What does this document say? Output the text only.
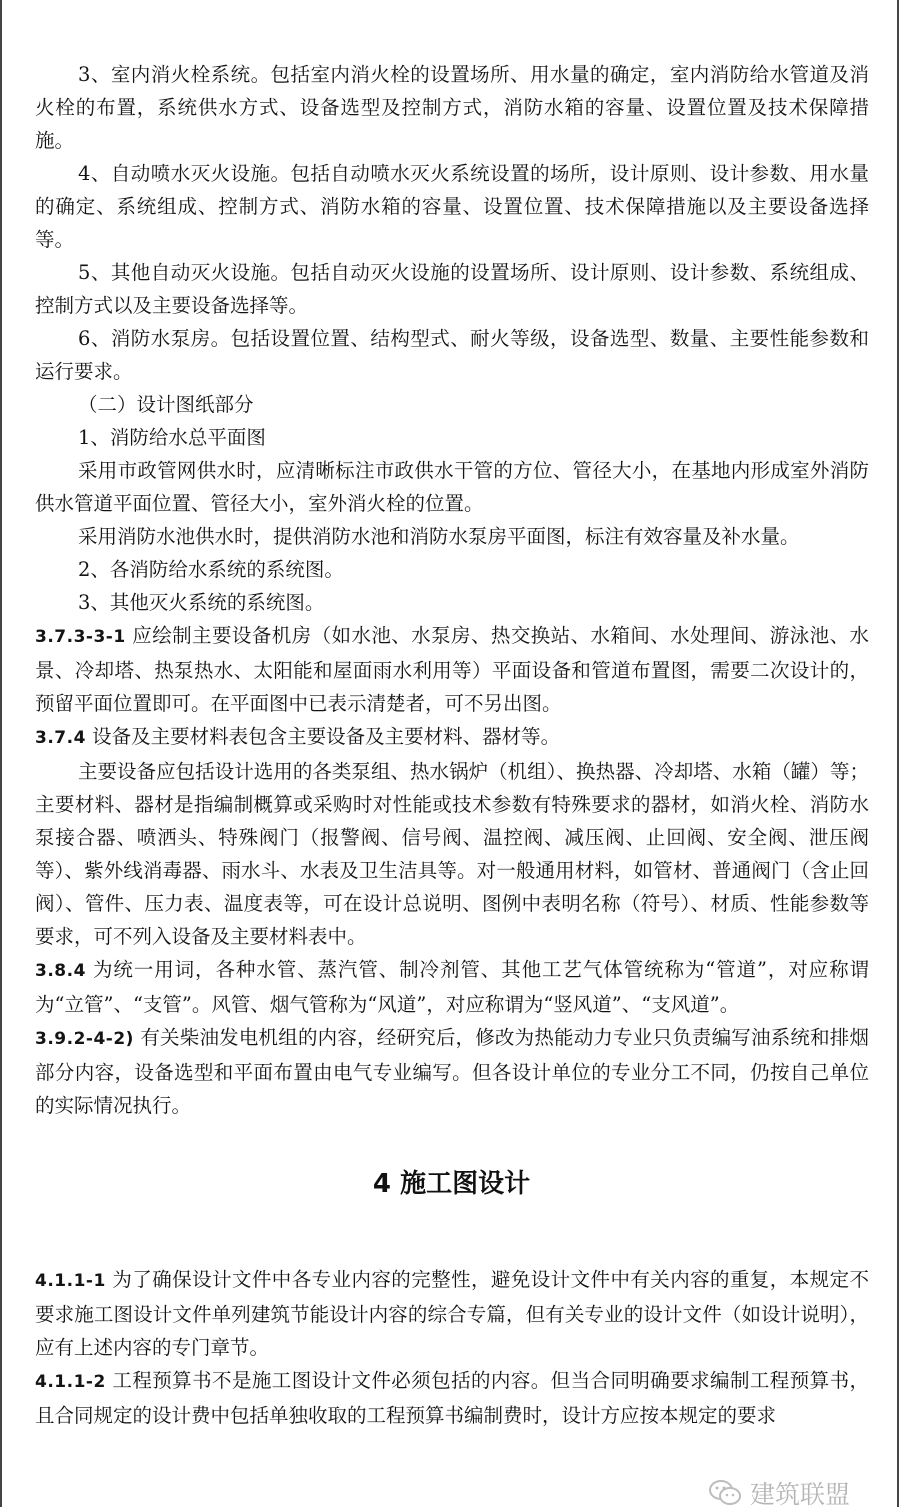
3、室内消火栓系统。包括室内消火栓的设置场所、用水量的确定，室内消防给水管道及消火栓的布置，系统供水方式、设备选型及控制方式，消防水箱的容量、设置位置及技术保障措施。

4、自动喷水灭火设施。包括自动喷水灭火系统设置的场所，设计原则、设计参数、用水量的确定、系统组成、控制方式、消防水箱的容量、设置位置、技术保障措施以及主要设备选择等。

5、其他自动灭火设施。包括自动灭火设施的设置场所、设计原则、设计参数、系统组成、控制方式以及主要设备选择等。

6、消防水泵房。包括设置位置、结构型式、耐火等级，设备选型、数量、主要性能参数和运行要求。

（二）设计图纸部分

1、消防给水总平面图

采用市政管网供水时，应清晰标注市政供水干管的方位、管径大小，在基地内形成室外消防供水管道平面位置、管径大小，室外消火栓的位置。

采用消防水池供水时，提供消防水池和消防水泵房平面图，标注有效容量及补水量。

2、各消防给水系统的系统图。

3、其他灭火系统的系统图。

3.7.3-3-1 应绘制主要设备机房（如水池、水泵房、热交换站、水箱间、水处理间、游泳池、水景、冷却塔、热泵热水、太阳能和屋面雨水利用等）平面设备和管道布置图，需要二次设计的，预留平面位置即可。在平面图中已表示清楚者，可不另出图。

3.7.4 设备及主要材料表包含主要设备及主要材料、器材等。

主要设备应包括设计选用的各类泵组、热水锅炉（机组）、换热器、冷却塔、水箱（罐）等；主要材料、器材是指编制概算或采购时对性能或技术参数有特殊要求的器材，如消火栓、消防水泵接合器、喷洒头、特殊阀门（报警阀、信号阀、温控阀、减压阀、止回阀、安全阀、泄压阀等）、紫外线消毒器、雨水斗、水表及卫生洁具等。对一般通用材料，如管材、普通阀门（含止回阀）、管件、压力表、温度表等，可在设计总说明、图例中表明名称（符号）、材质、性能参数等要求，可不列入设备及主要材料表中。

3.8.4 为统一用词，各种水管、蒸汽管、制冷剂管、其他工艺气体管统称为“管道”，对应称谓为“立管”、“支管”。风管、烟气管称为“风道”，对应称谓为“竖风道”、“支风道”。

3.9.2-4-2) 有关柴油发电机组的内容，经研究后，修改为热能动力专业只负责编写油系统和排烟部分内容，设备选型和平面布置由电气专业编写。但各设计单位的专业分工不同，仍按自己单位的实际情况执行。

4 施工图设计

4.1.1-1 为了确保设计文件中各专业内容的完整性，避免设计文件中有关内容的重复，本规定不要求施工图设计文件单列建筑节能设计内容的综合专篇，但有关专业的设计文件（如设计说明），应有上述内容的专门章节。

4.1.1-2 工程预算书不是施工图设计文件必须包括的内容。但当合同明确要求编制工程预算书，且合同规定的设计费中包括单独收取的工程预算书编制费时，设计方应按本规定的要求

建筑联盟
